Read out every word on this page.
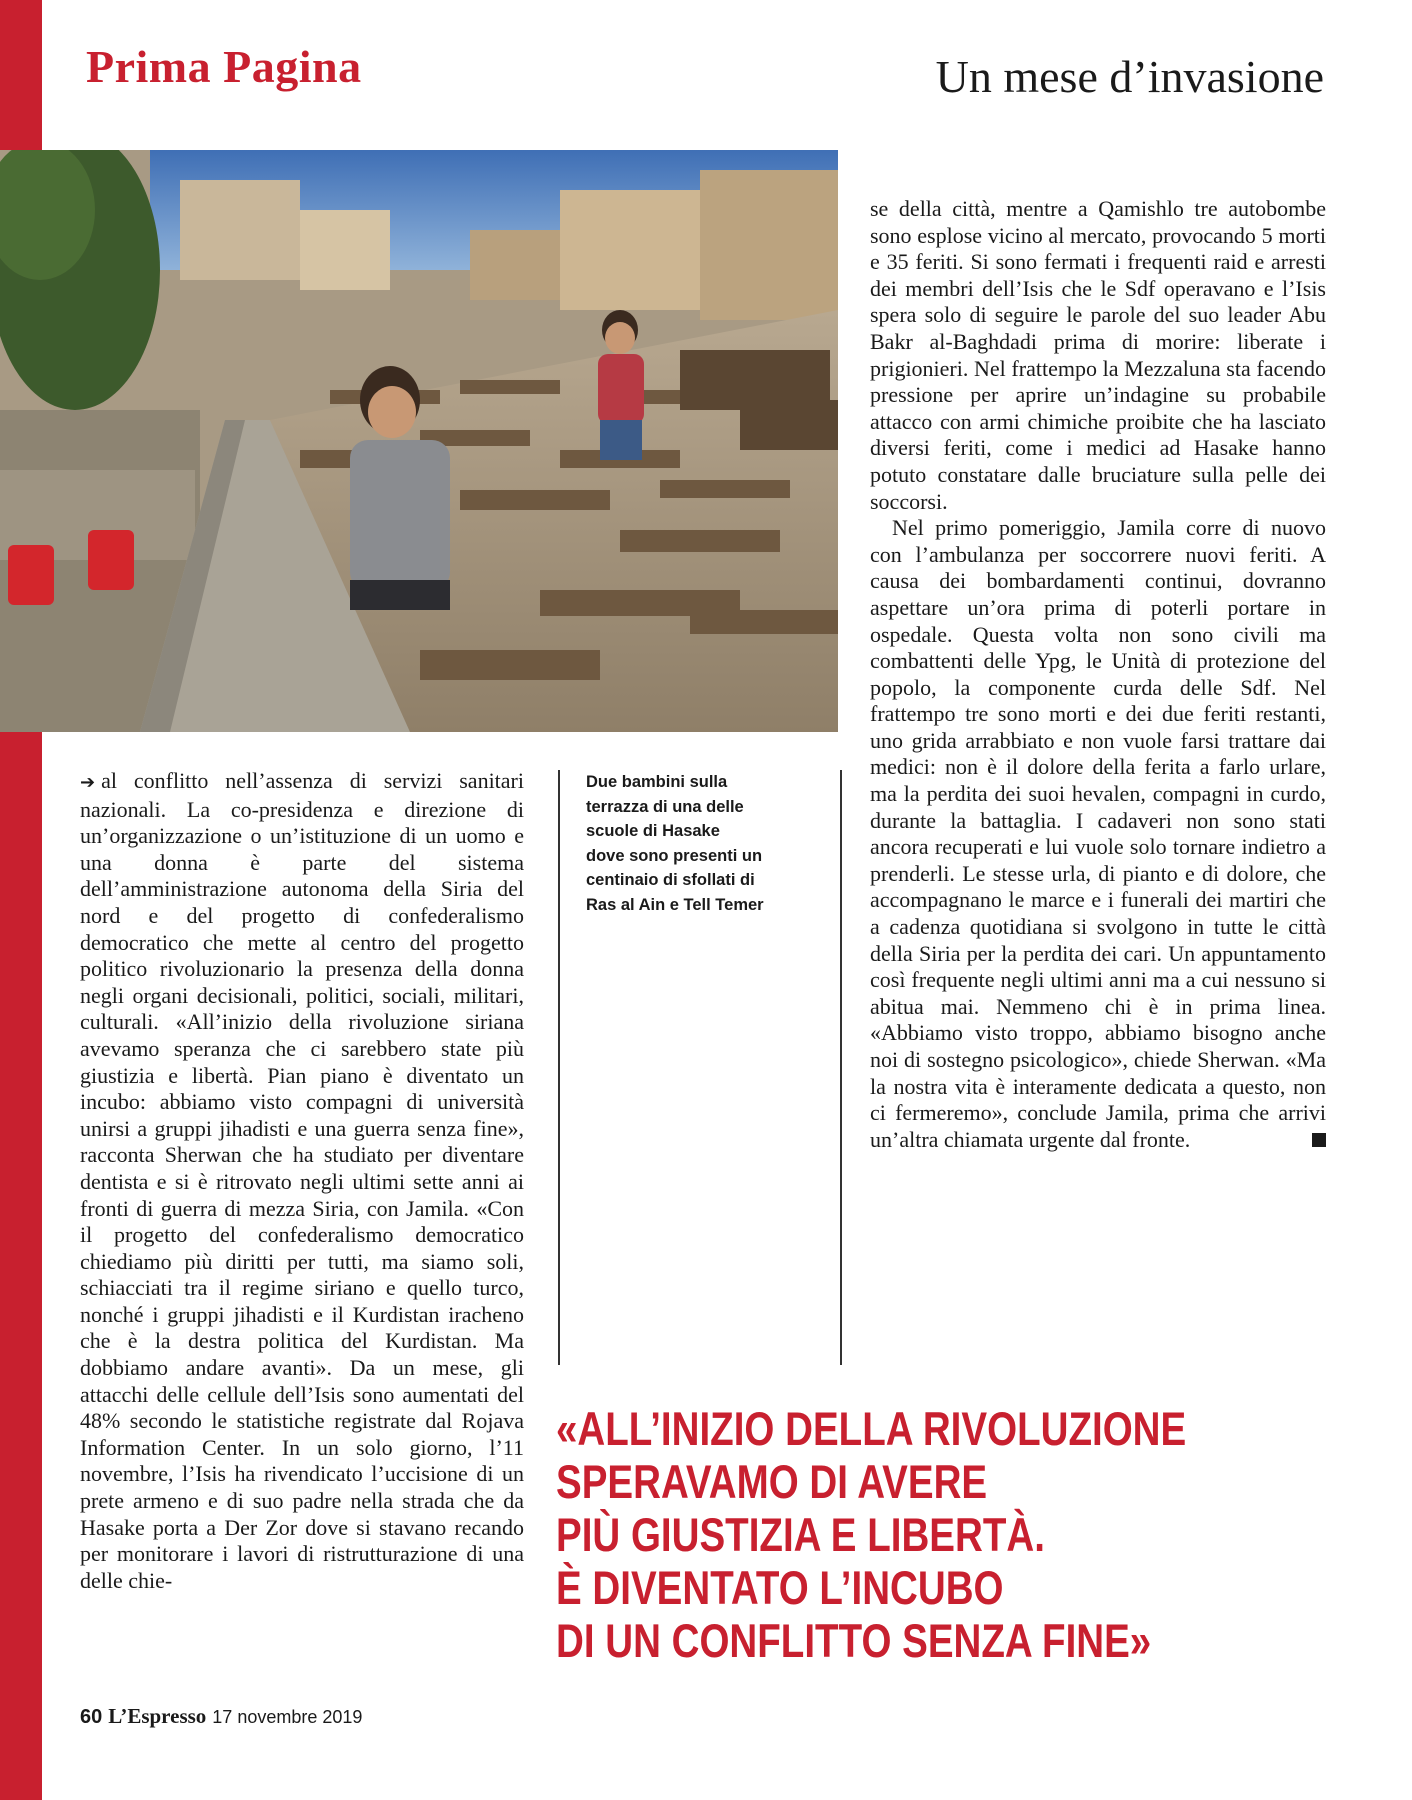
Prima Pagina	Un mese d’invasione

➔ al conflitto nell’assenza di servizi sanitari nazionali. La co-presidenza e direzione di un’organizzazione o un’istituzione di un uomo e una donna è parte del sistema dell’amministrazione autonoma della Siria del nord e del progetto di confederalismo democratico che mette al centro del progetto politico rivoluzionario la presenza della donna negli organi decisionali, politici, sociali, militari, culturali. «All’inizio della rivoluzione siriana avevamo speranza che ci sarebbero state più giustizia e libertà. Pian piano è diventato un incubo: abbiamo visto compagni di università unirsi a gruppi jihadisti e una guerra senza fine», racconta Sherwan che ha studiato per diventare dentista e si è ritrovato negli ultimi sette anni ai fronti di guerra di mezza Siria, con Jamila. «Con il progetto del confederalismo democratico chiediamo più diritti per tutti, ma siamo soli, schiacciati tra il regime siriano e quello turco, nonché i gruppi jihadisti e il Kurdistan iracheno che è la destra politica del Kurdistan. Ma dobbiamo andare avanti». Da un mese, gli attacchi delle cellule dell’Isis sono aumentati del 48% secondo le statistiche registrate dal Rojava Information Center. In un solo giorno, l’11 novembre, l’Isis ha rivendicato l’uccisione di un prete armeno e di suo padre nella strada che da Hasake porta a Der Zor dove si stavano recando per monitorare i lavori di ristrutturazione di una delle chie-

Due bambini sulla
terrazza di una delle
scuole di Hasake
dove sono presenti un
centinaio di sfollati di
Ras al Ain e Tell Temer

se della città, mentre a Qamishlo tre autobombe sono esplose vicino al mercato, provocando 5 morti e 35 feriti. Si sono fermati i frequenti raid e arresti dei membri dell’Isis che le Sdf operavano e l’Isis spera solo di seguire le parole del suo leader Abu Bakr al-Baghdadi prima di morire: liberate i prigionieri. Nel frattempo la Mezzaluna sta facendo pressione per aprire un’indagine su probabile attacco con armi chimiche proibite che ha lasciato diversi feriti, come i medici ad Hasake hanno potuto constatare dalle bruciature sulla pelle dei soccorsi.

Nel primo pomeriggio, Jamila corre di nuovo con l’ambulanza per soccorrere nuovi feriti. A causa dei bombardamenti continui, dovranno aspettare un’ora prima di poterli portare in ospedale. Questa volta non sono civili ma combattenti delle Ypg, le Unità di protezione del popolo, la componente curda delle Sdf. Nel frattempo tre sono morti e dei due feriti restanti, uno grida arrabbiato e non vuole farsi trattare dai medici: non è il dolore della ferita a farlo urlare, ma la perdita dei suoi hevalen, compagni in curdo, durante la battaglia. I cadaveri non sono stati ancora recuperati e lui vuole solo tornare indietro a prenderli. Le stesse urla, di pianto e di dolore, che accompagnano le marce e i funerali dei martiri che a cadenza quotidiana si svolgono in tutte le città della Siria per la perdita dei cari. Un appuntamento così frequente negli ultimi anni ma a cui nessuno si abitua mai. Nemmeno chi è in prima linea. «Abbiamo visto troppo, abbiamo bisogno anche noi di sostegno psicologico», chiede Sherwan. «Ma la nostra vita è interamente dedicata a questo, non ci fermeremo», conclude Jamila, prima che arrivi un’altra chiamata urgente dal fronte.

«ALL’INIZIO DELLA RIVOLUZIONE
SPERAVAMO DI AVERE
PIÙ GIUSTIZIA E LIBERTÀ.
È DIVENTATO L’INCUBO
DI UN CONFLITTO SENZA FINE»
60 L’Espresso 17 novembre 2019
